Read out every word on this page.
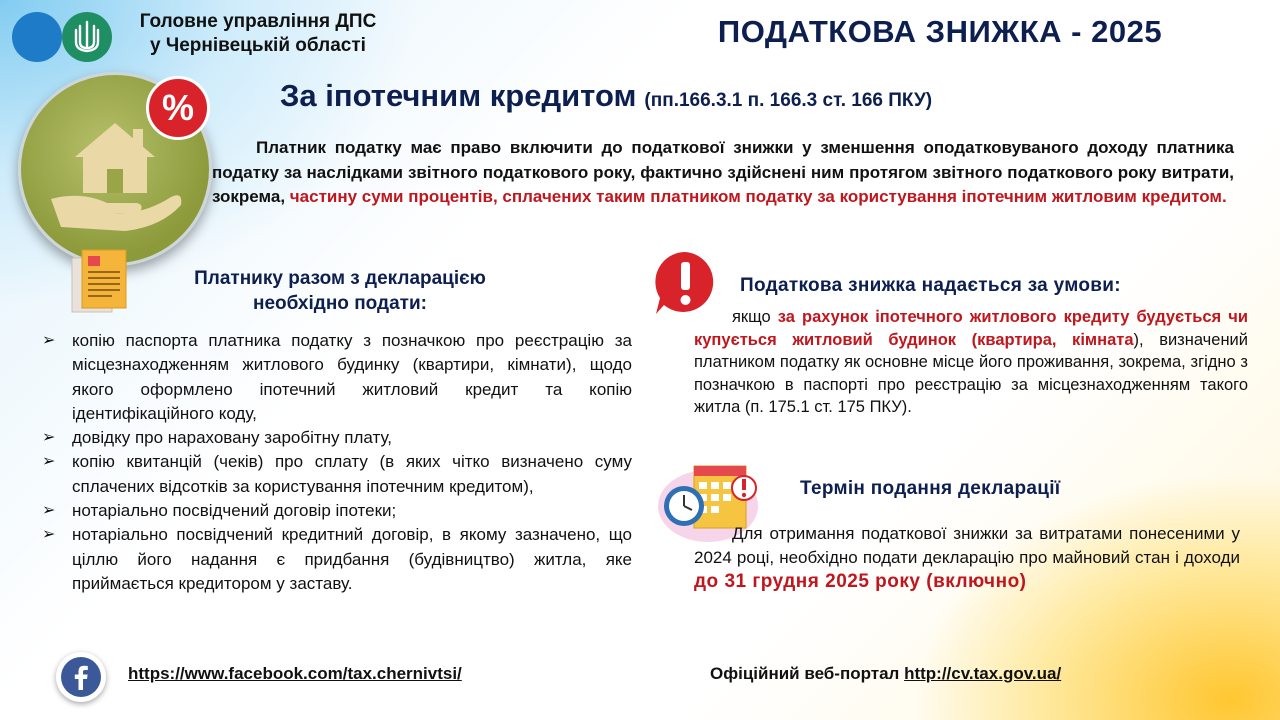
Головне управління ДПС
у Чернівецькій області	ПОДАТКОВА ЗНИЖКА - 2025
%	За іпотечним кредитом (пп.166.3.1 п. 166.3 ст. 166 ПКУ)
Платник податку має право включити до податкової знижки у зменшення оподатковуваного доходу платника податку за наслідками звітного податкового року, фактично здійснені ним протягом звітного податкового року витрати, зокрема, частину суми процентів, сплачених таким платником податку за користування іпотечним житловим кредитом.
Платнику разом з декларацією
необхідно подати:
➢ копію паспорта платника податку з позначкою про реєстрацію за місцезнаходженням житлового будинку (квартири, кімнати), щодо якого оформлено іпотечний житловий кредит та копію ідентифікаційного коду,
➢ довідку про нараховану заробітну плату,
➢ копію квитанцій (чеків) про сплату (в яких чітко визначено суму сплачених відсотків за користування іпотечним кредитом),
➢ нотаріально посвідчений договір іпотеки;
➢ нотаріально посвідчений кредитний договір, в якому зазначено, що ціллю його надання є придбання (будівництво) житла, яке приймається кредитором у заставу.
Податкова знижка надається за умови:
якщо за рахунок іпотечного житлового кредиту будується чи купується житловий будинок (квартира, кімната), визначений платником податку як основне місце його проживання, зокрема, згідно з позначкою в паспорті про реєстрацію за місцезнаходженням такого житла (п. 175.1 ст. 175 ПКУ).
Термін подання декларації
Для отримання податкової знижки за витратами понесеними у 2024 році, необхідно подати декларацію про майновий стан і доходи до 31 грудня 2025 року (включно)
https://www.facebook.com/tax.chernivtsi/	Офіційний веб-портал http://cv.tax.gov.ua/
